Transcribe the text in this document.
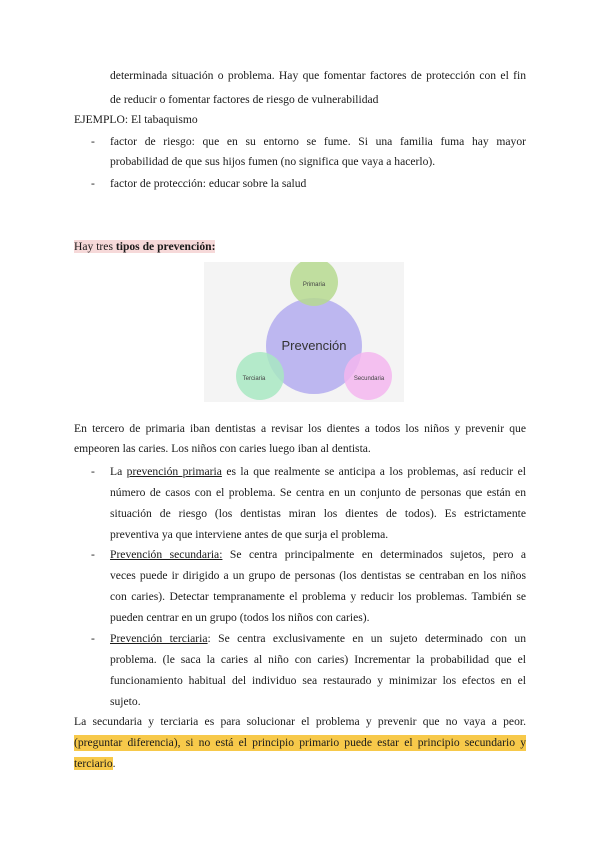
determinada situación o problema. Hay que fomentar factores de protección con el fin
de reducir o fomentar factores de riesgo de vulnerabilidad
EJEMPLO: El tabaquismo
-	factor de riesgo: que en su entorno se fume. Si una familia fuma hay mayor
probabilidad de que sus hijos fumen (no significa que vaya a hacerlo).
-	factor de protección: educar sobre la salud
Hay tres tipos de prevención:
Prevención
Primaria
Terciaria	Secundaria
En tercero de primaria iban dentistas a revisar los dientes a todos los niños y prevenir que
empeoren las caries. Los niños con caries luego iban al dentista.
-	La prevención primaria es la que realmente se anticipa a los problemas, así reducir el
número de casos con el problema. Se centra en un conjunto de personas que están en
situación de riesgo (los dentistas miran los dientes de todos). Es estrictamente
preventiva ya que interviene antes de que surja el problema.
-	Prevención secundaria: Se centra principalmente en determinados sujetos, pero a
veces puede ir dirigido a un grupo de personas (los dentistas se centraban en los niños
con caries). Detectar tempranamente el problema y reducir los problemas. También se
pueden centrar en un grupo (todos los niños con caries).
-	Prevención terciaria: Se centra exclusivamente en un sujeto determinado con un
problema. (le saca la caries al niño con caries) Incrementar la probabilidad que el
funcionamiento habitual del individuo sea restaurado y minimizar los efectos en el
sujeto.
La secundaria y terciaria es para solucionar el problema y prevenir que no vaya a peor.
(preguntar diferencia), si no está el principio primario puede estar el principio secundario y
terciario.
